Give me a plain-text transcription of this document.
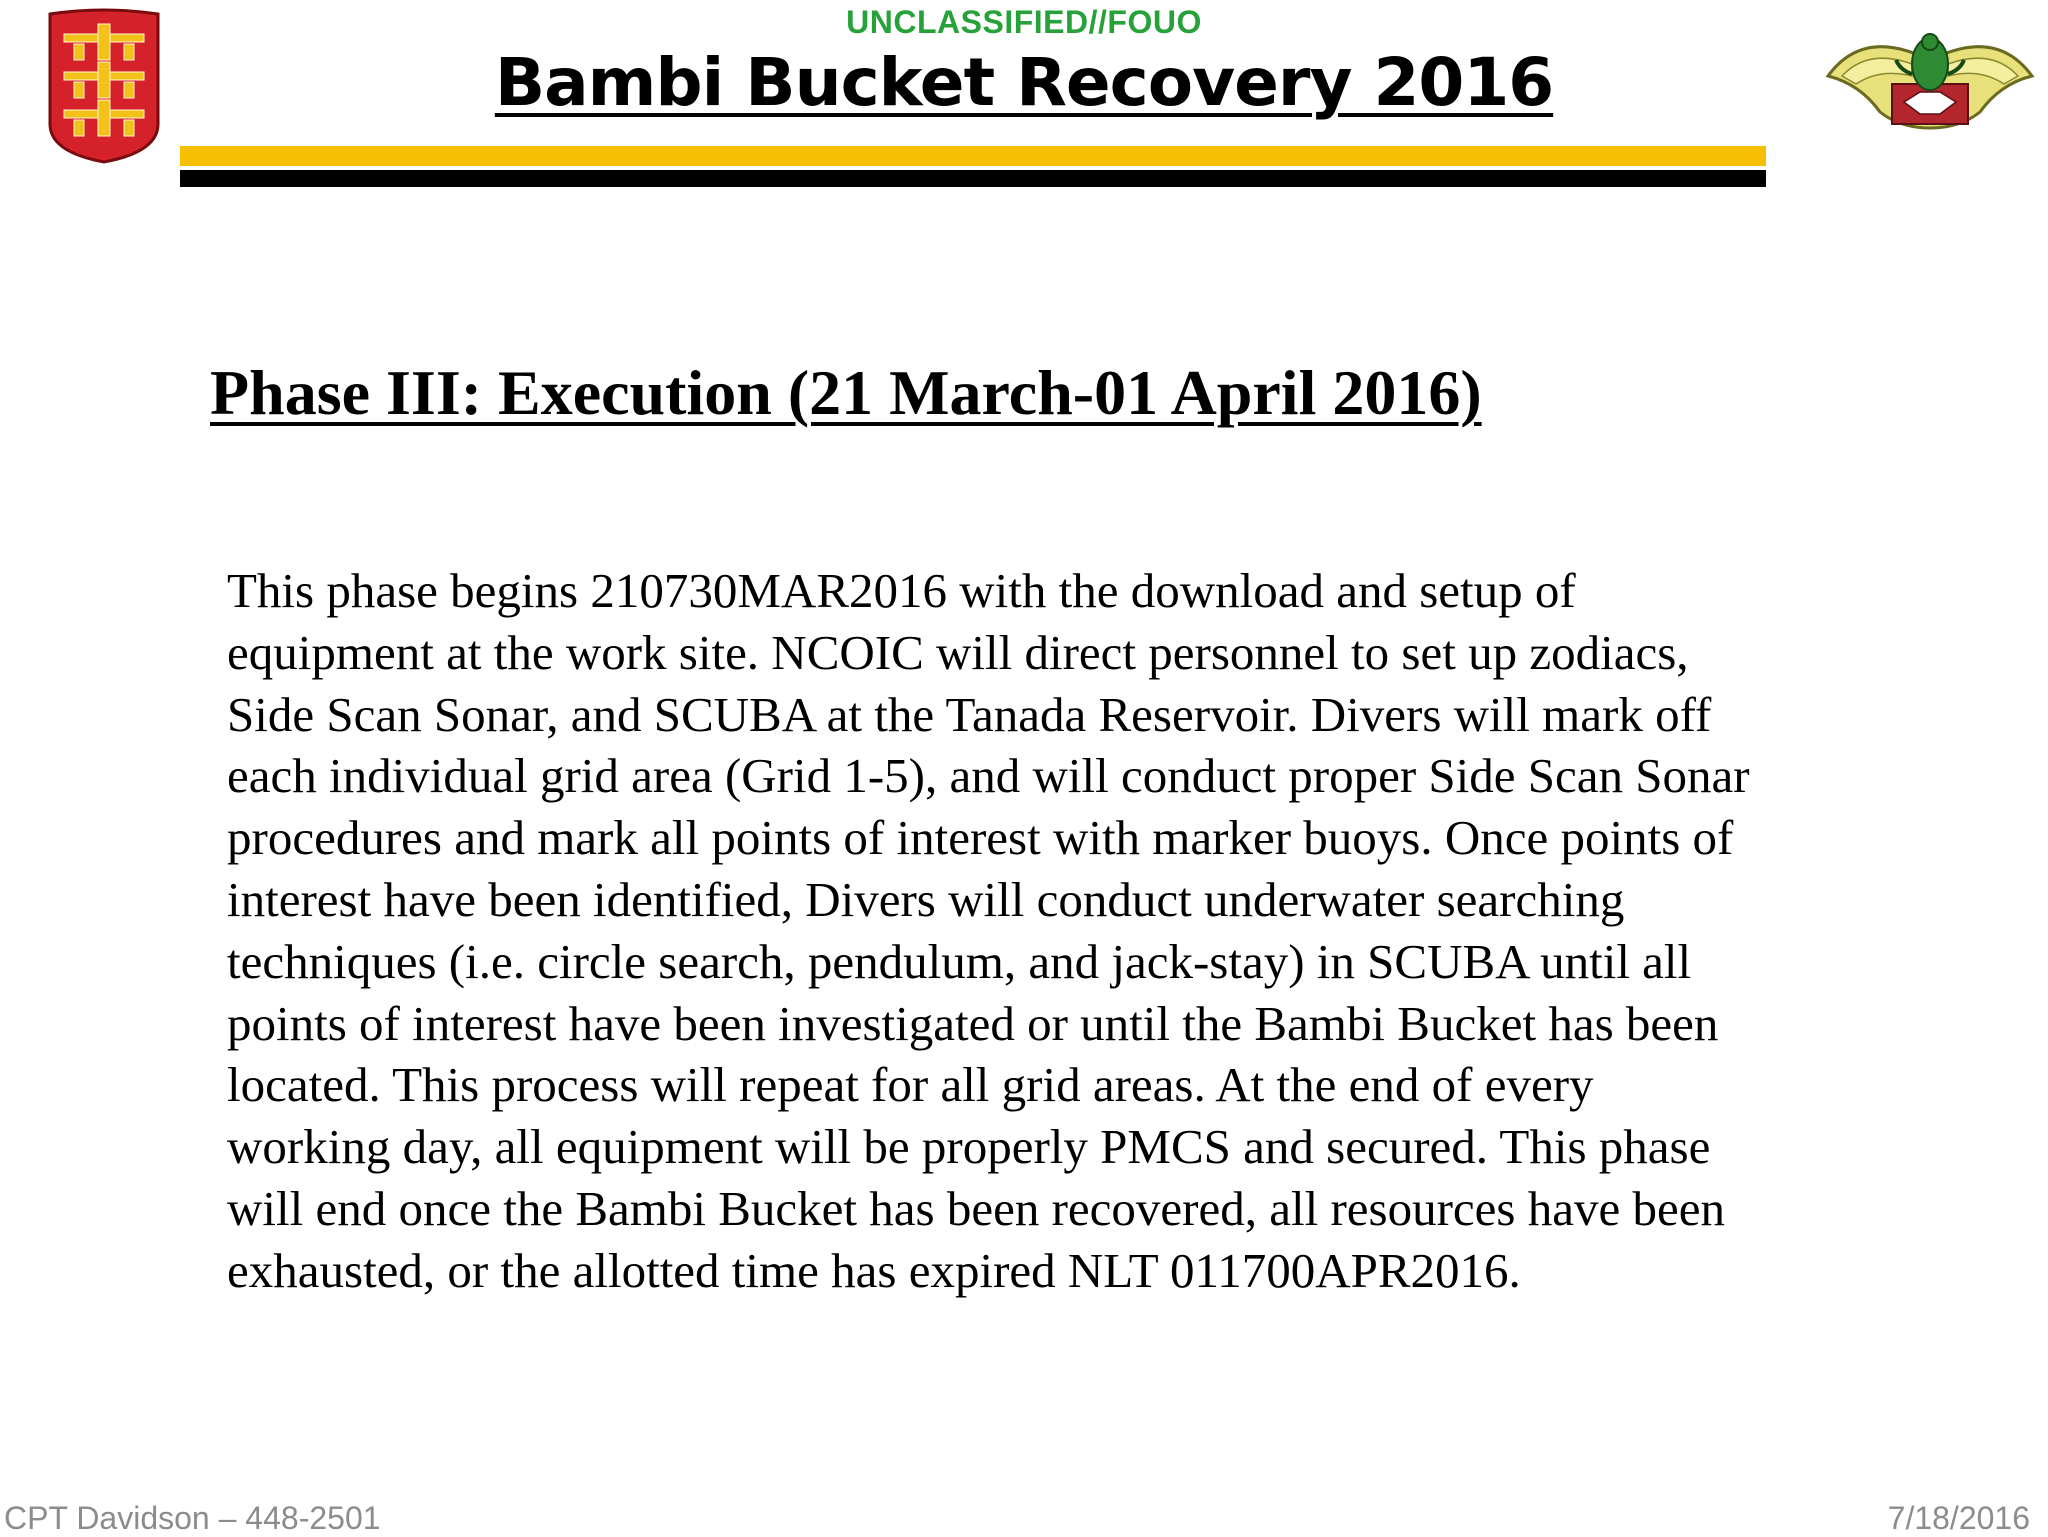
UNCLASSIFIED//FOUO
Bambi Bucket Recovery 2016
Phase III: Execution (21 March-01 April 2016)

This phase begins 210730MAR2016 with the download and setup of
equipment at the work site. NCOIC will direct personnel to set up zodiacs,
Side Scan Sonar, and SCUBA at the Tanada Reservoir. Divers will mark off
each individual grid area (Grid 1-5), and will conduct proper Side Scan Sonar
procedures and mark all points of interest with marker buoys. Once points of
interest have been identified, Divers will conduct underwater searching
techniques (i.e. circle search, pendulum, and jack-stay) in SCUBA until all
points of interest have been investigated or until the Bambi Bucket has been
located. This process will repeat for all grid areas. At the end of every
working day, all equipment will be properly PMCS and secured. This phase
will end once the Bambi Bucket has been recovered, all resources have been
exhausted, or the allotted time has expired NLT 011700APR2016.

CPT Davidson – 448-2501	7/18/2016
